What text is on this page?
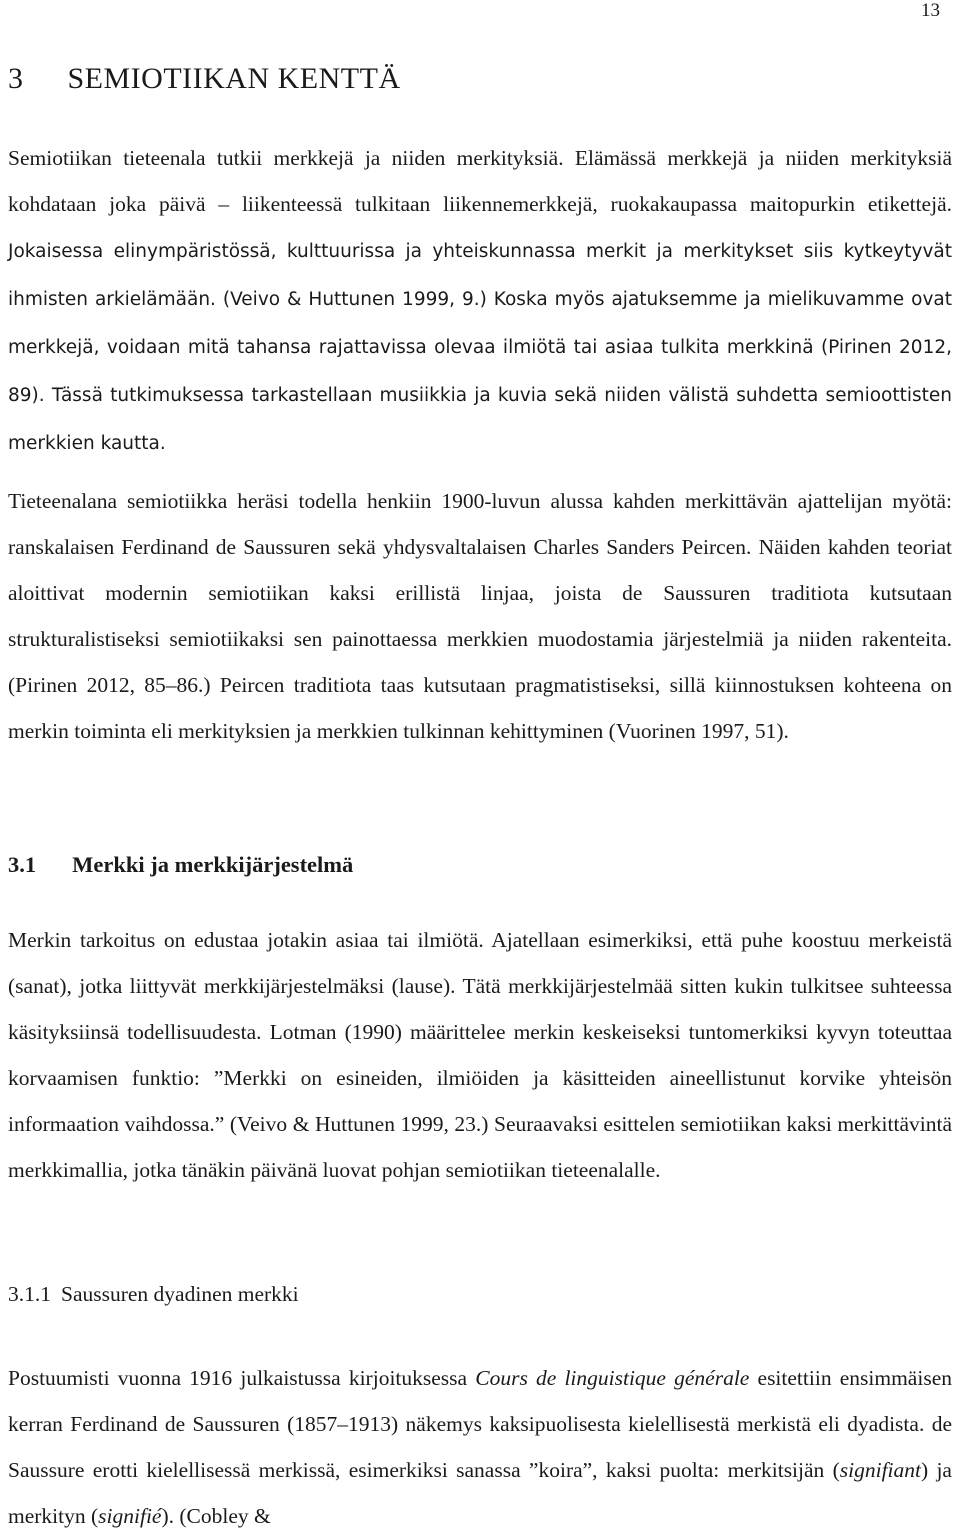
13
3 SEMIOTIIKAN KENTTÄ

Semiotiikan tieteenala tutkii merkkejä ja niiden merkityksiä. Elämässä merkkejä ja niiden merkityksiä kohdataan joka päivä – liikenteessä tulkitaan liikennemerkkejä, ruokakaupassa maitopurkin etikettejä. Jokaisessa elinympäristössä, kulttuurissa ja yhteiskunnassa merkit ja merkitykset siis kytkeytyvät ihmisten arkielämään. (Veivo & Huttunen 1999, 9.) Koska myös ajatuksemme ja mielikuvamme ovat merkkejä, voidaan mitä tahansa rajattavissa olevaa ilmiötä tai asiaa tulkita merkkinä (Pirinen 2012, 89). Tässä tutkimuksessa tarkastellaan musiikkia ja kuvia sekä niiden välistä suhdetta semioottisten merkkien kautta.

Tieteenalana semiotiikka heräsi todella henkiin 1900-luvun alussa kahden merkittävän ajattelijan myötä: ranskalaisen Ferdinand de Saussuren sekä yhdysvaltalaisen Charles Sanders Peircen. Näiden kahden teoriat aloittivat modernin semiotiikan kaksi erillistä linjaa, joista de Saussuren traditiota kutsutaan strukturalistiseksi semiotiikaksi sen painottaessa merkkien muodostamia järjestelmiä ja niiden rakenteita. (Pirinen 2012, 85–86.) Peircen traditiota taas kutsutaan pragmatistiseksi, sillä kiinnostuksen kohteena on merkin toiminta eli merkityksien ja merkkien tulkinnan kehittyminen (Vuorinen 1997, 51).

3.1 Merkki ja merkkijärjestelmä

Merkin tarkoitus on edustaa jotakin asiaa tai ilmiötä. Ajatellaan esimerkiksi, että puhe koostuu merkeistä (sanat), jotka liittyvät merkkijärjestelmäksi (lause). Tätä merkkijärjestelmää sitten kukin tulkitsee suhteessa käsityksiinsä todellisuudesta. Lotman (1990) määrittelee merkin keskeiseksi tuntomerkiksi kyvyn toteuttaa korvaamisen funktio: ”Merkki on esineiden, ilmiöiden ja käsitteiden aineellistunut korvike yhteisön informaation vaihdossa.” (Veivo & Huttunen 1999, 23.) Seuraavaksi esittelen semiotiikan kaksi merkittävintä merkkimallia, jotka tänäkin päivänä luovat pohjan semiotiikan tieteenalalle.

3.1.1 Saussuren dyadinen merkki

Postuumisti vuonna 1916 julkaistussa kirjoituksessa Cours de linguistique générale esitettiin ensimmäisen kerran Ferdinand de Saussuren (1857–1913) näkemys kaksipuolisesta kielellisestä merkistä eli dyadista. de Saussure erotti kielellisessä merkissä, esimerkiksi sanassa ”koira”, kaksi puolta: merkitsijän (signifiant) ja merkityn (signifié). (Cobley &
